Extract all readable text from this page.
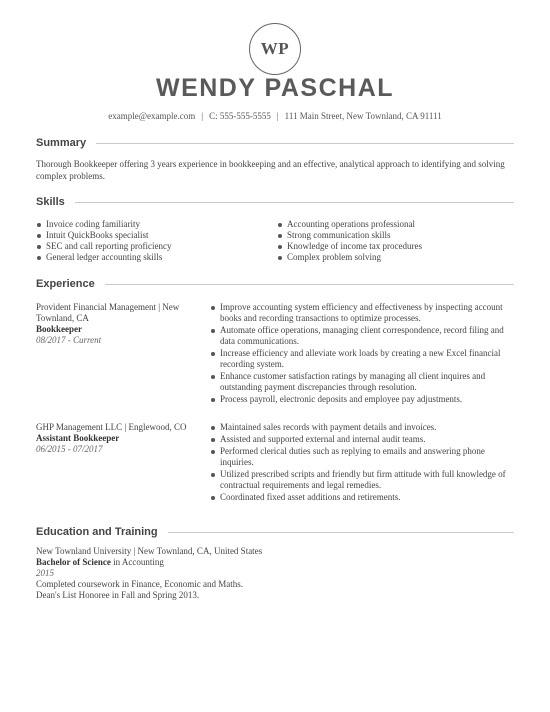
WP
WENDY PASCHAL
example@example.com | C: 555-555-5555 | 111 Main Street, New Townland, CA 91111
Summary
Thorough Bookkeeper offering 3 years experience in bookkeeping and an effective, analytical approach to identifying and solving complex problems.
Skills
Invoice coding familiarity
Intuit QuickBooks specialist
SEC and call reporting proficiency
General ledger accounting skills
Accounting operations professional
Strong communication skills
Knowledge of income tax procedures
Complex problem solving
Experience
Provident Financial Management | New Townland, CA
Bookkeeper
08/2017 - Current
Improve accounting system efficiency and effectiveness by inspecting account books and recording transactions to optimize processes.
Automate office operations, managing client correspondence, record filing and data communications.
Increase efficiency and alleviate work loads by creating a new Excel financial recording system.
Enhance customer satisfaction ratings by managing all client inquires and outstanding payment discrepancies through resolution.
Process payroll, electronic deposits and employee pay adjustments.
GHP Management LLC | Englewood, CO
Assistant Bookkeeper
06/2015 - 07/2017
Maintained sales records with payment details and invoices.
Assisted and supported external and internal audit teams.
Performed clerical duties such as replying to emails and answering phone inquiries.
Utilized prescribed scripts and friendly but firm attitude with full knowledge of contractual requirements and legal remedies.
Coordinated fixed asset additions and retirements.
Education and Training
New Townland University | New Townland, CA, United States
Bachelor of Science in Accounting
2015
Completed coursework in Finance, Economic and Maths.
Dean's List Honoree in Fall and Spring 2013.
